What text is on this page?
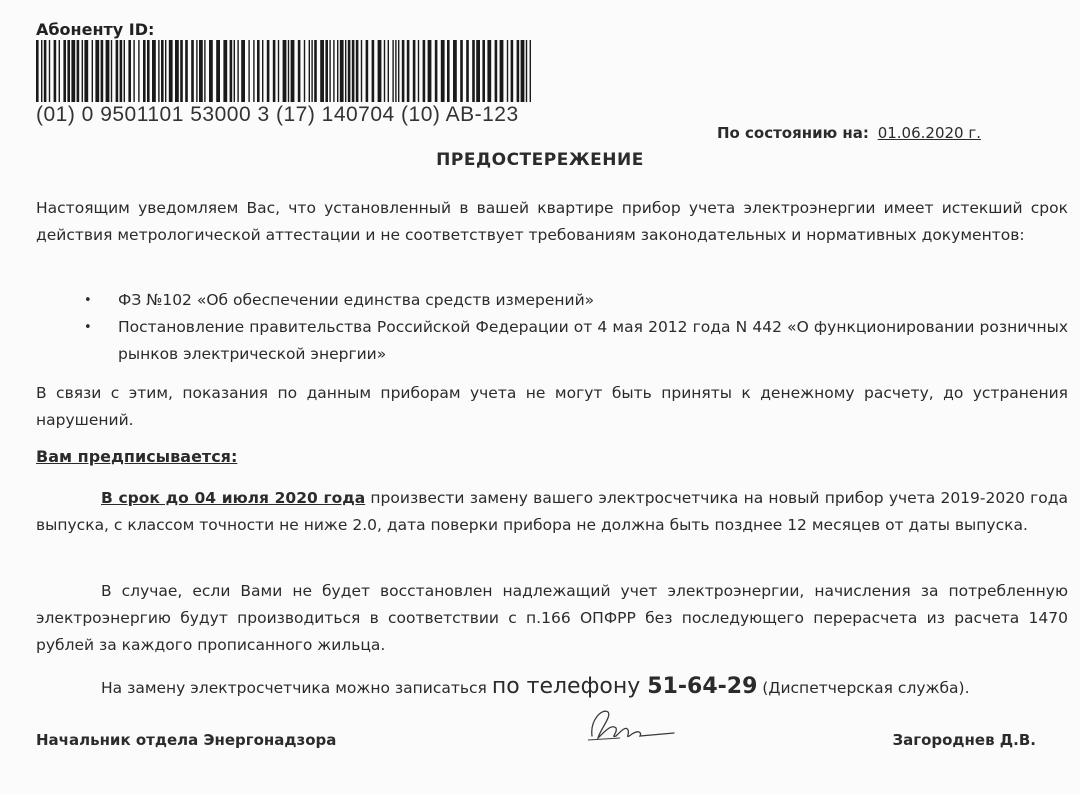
Абоненту ID:
(01) 0 9501101 53000 3 (17) 140704 (10) AB-123
По состоянию на: 01.06.2020 г.
ПРЕДОСТЕРЕЖЕНИЕ
Настоящим уведомляем Вас, что установленный в вашей квартире прибор учета электроэнергии имеет истекший срок действия метрологической аттестации и не соответствует требованиям законодательных и нормативных документов:
• ФЗ №102 «Об обеспечении единства средств измерений»
• Постановление правительства Российской Федерации от 4 мая 2012 года N 442 «О функционировании розничных рынков электрической энергии»
В связи с этим, показания по данным приборам учета не могут быть приняты к денежному расчету, до устранения нарушений.
Вам предписывается:
В срок до 04 июля 2020 года произвести замену вашего электросчетчика на новый прибор учета 2019-2020 года выпуска, с классом точности не ниже 2.0, дата поверки прибора не должна быть позднее 12 месяцев от даты выпуска.
В случае, если Вами не будет восстановлен надлежащий учет электроэнергии, начисления за потребленную электроэнергию будут производиться в соответствии с п.166 ОПФРР без последующего перерасчета из расчета 1470 рублей за каждого прописанного жильца.
На замену электросчетчика можно записаться по телефону 51-64-29 (Диспетчерская служба).
Начальник отдела Энергонадзора	Загороднев Д.В.
